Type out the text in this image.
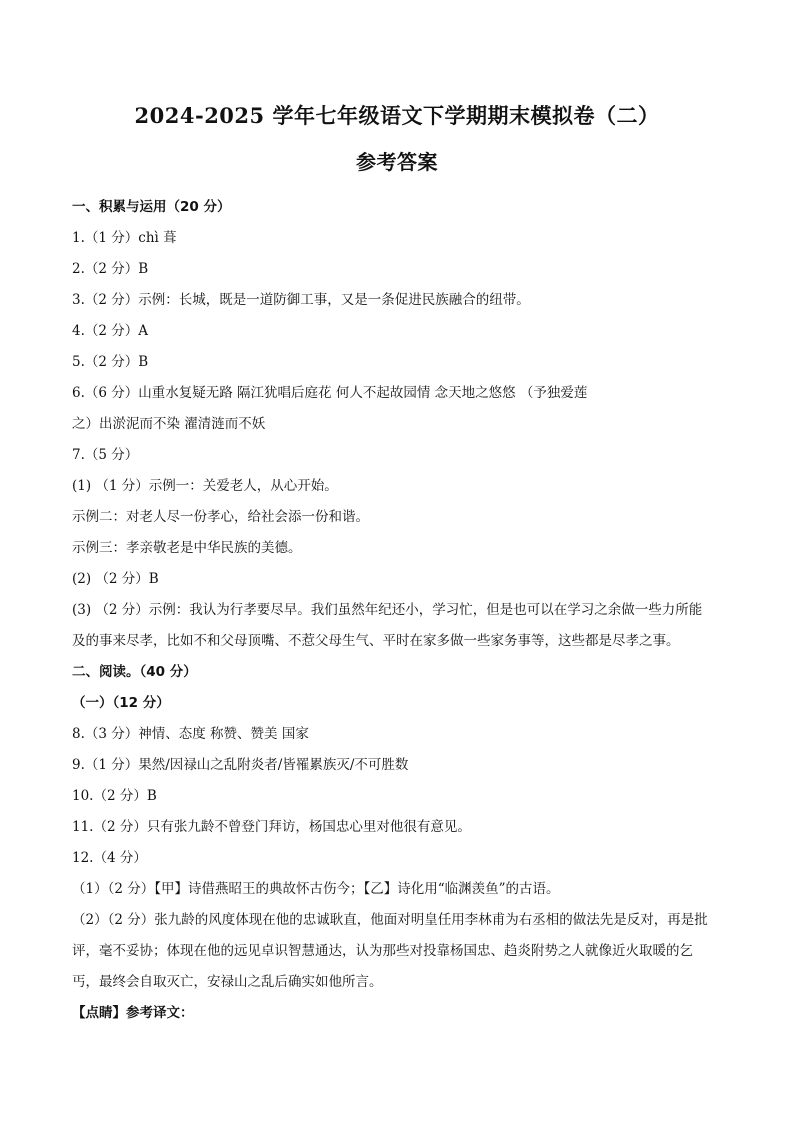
2024-2025 学年七年级语文下学期期末模拟卷（二）
参考答案
一、积累与运用（20 分）
1.（1 分）chì 葺
2.（2 分）B
3.（2 分）示例：长城，既是一道防御工事，又是一条促进民族融合的纽带。
4.（2 分）A
5.（2 分）B
6.（6 分）山重水复疑无路 隔江犹唱后庭花 何人不起故园情 念天地之悠悠 （予独爱莲
之）出淤泥而不染 濯清涟而不妖
7.（5 分）
(1) （1 分）示例一：关爱老人，从心开始。
示例二：对老人尽一份孝心，给社会添一份和谐。
示例三：孝亲敬老是中华民族的美德。
(2) （2 分）B
(3) （2 分）示例：我认为行孝要尽早。我们虽然年纪还小，学习忙，但是也可以在学习之余做一些力所能
及的事来尽孝，比如不和父母顶嘴、不惹父母生气、平时在家多做一些家务事等，这些都是尽孝之事。
二、阅读。（40 分）
（一）（12 分）
8.（3 分）神情、态度 称赞、赞美 国家
9.（1 分）果然/因禄山之乱附炎者/皆罹累族灭/不可胜数
10.（2 分）B
11.（2 分）只有张九龄不曾登门拜访，杨国忠心里对他很有意见。
12.（4 分）
（1）（2 分）【甲】诗借燕昭王的典故怀古伤今；【乙】诗化用“临渊羡鱼”的古语。
（2）（2 分）张九龄的风度体现在他的忠诚耿直，他面对明皇任用李林甫为右丞相的做法先是反对，再是批
评，毫不妥协；体现在他的远见卓识智慧通达，认为那些对投靠杨国忠、趋炎附势之人就像近火取暖的乞
丐，最终会自取灭亡，安禄山之乱后确实如他所言。
【点睛】参考译文：
